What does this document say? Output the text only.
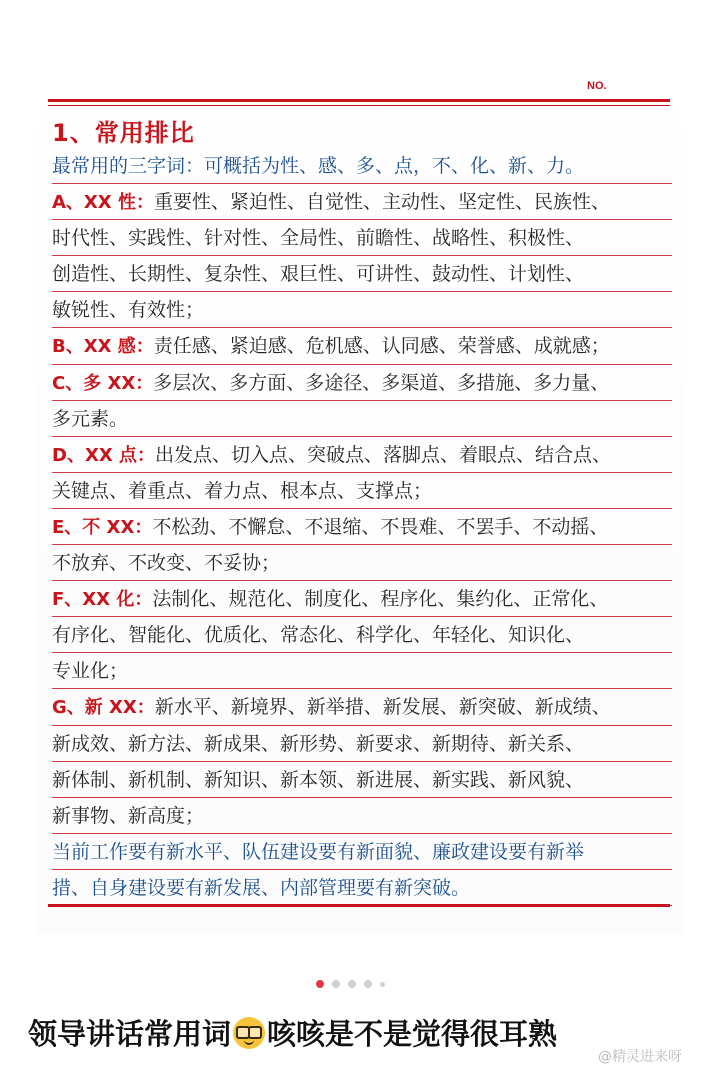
NO.
1、常用排比
最常用的三字词：可概括为性、感、多、点，不、化、新、力。
A、XX 性：重要性、紧迫性、自觉性、主动性、坚定性、民族性、
时代性、实践性、针对性、全局性、前瞻性、战略性、积极性、
创造性、长期性、复杂性、艰巨性、可讲性、鼓动性、计划性、
敏锐性、有效性；
B、XX 感：责任感、紧迫感、危机感、认同感、荣誉感、成就感；
C、多 XX：多层次、多方面、多途径、多渠道、多措施、多力量、
多元素。
D、XX 点：出发点、切入点、突破点、落脚点、着眼点、结合点、
关键点、着重点、着力点、根本点、支撑点；
E、不 XX：不松劲、不懈怠、不退缩、不畏难、不罢手、不动摇、
不放弃、不改变、不妥协；
F、XX 化：法制化、规范化、制度化、程序化、集约化、正常化、
有序化、智能化、优质化、常态化、科学化、年轻化、知识化、
专业化；
G、新 XX：新水平、新境界、新举措、新发展、新突破、新成绩、
新成效、新方法、新成果、新形势、新要求、新期待、新关系、
新体制、新机制、新知识、新本领、新进展、新实践、新风貌、
新事物、新高度；
当前工作要有新水平、队伍建设要有新面貌、廉政建设要有新举
措、自身建设要有新发展、内部管理要有新突破。
领导讲话常用词 咳咳是不是觉得很耳熟
@精灵进来呀
